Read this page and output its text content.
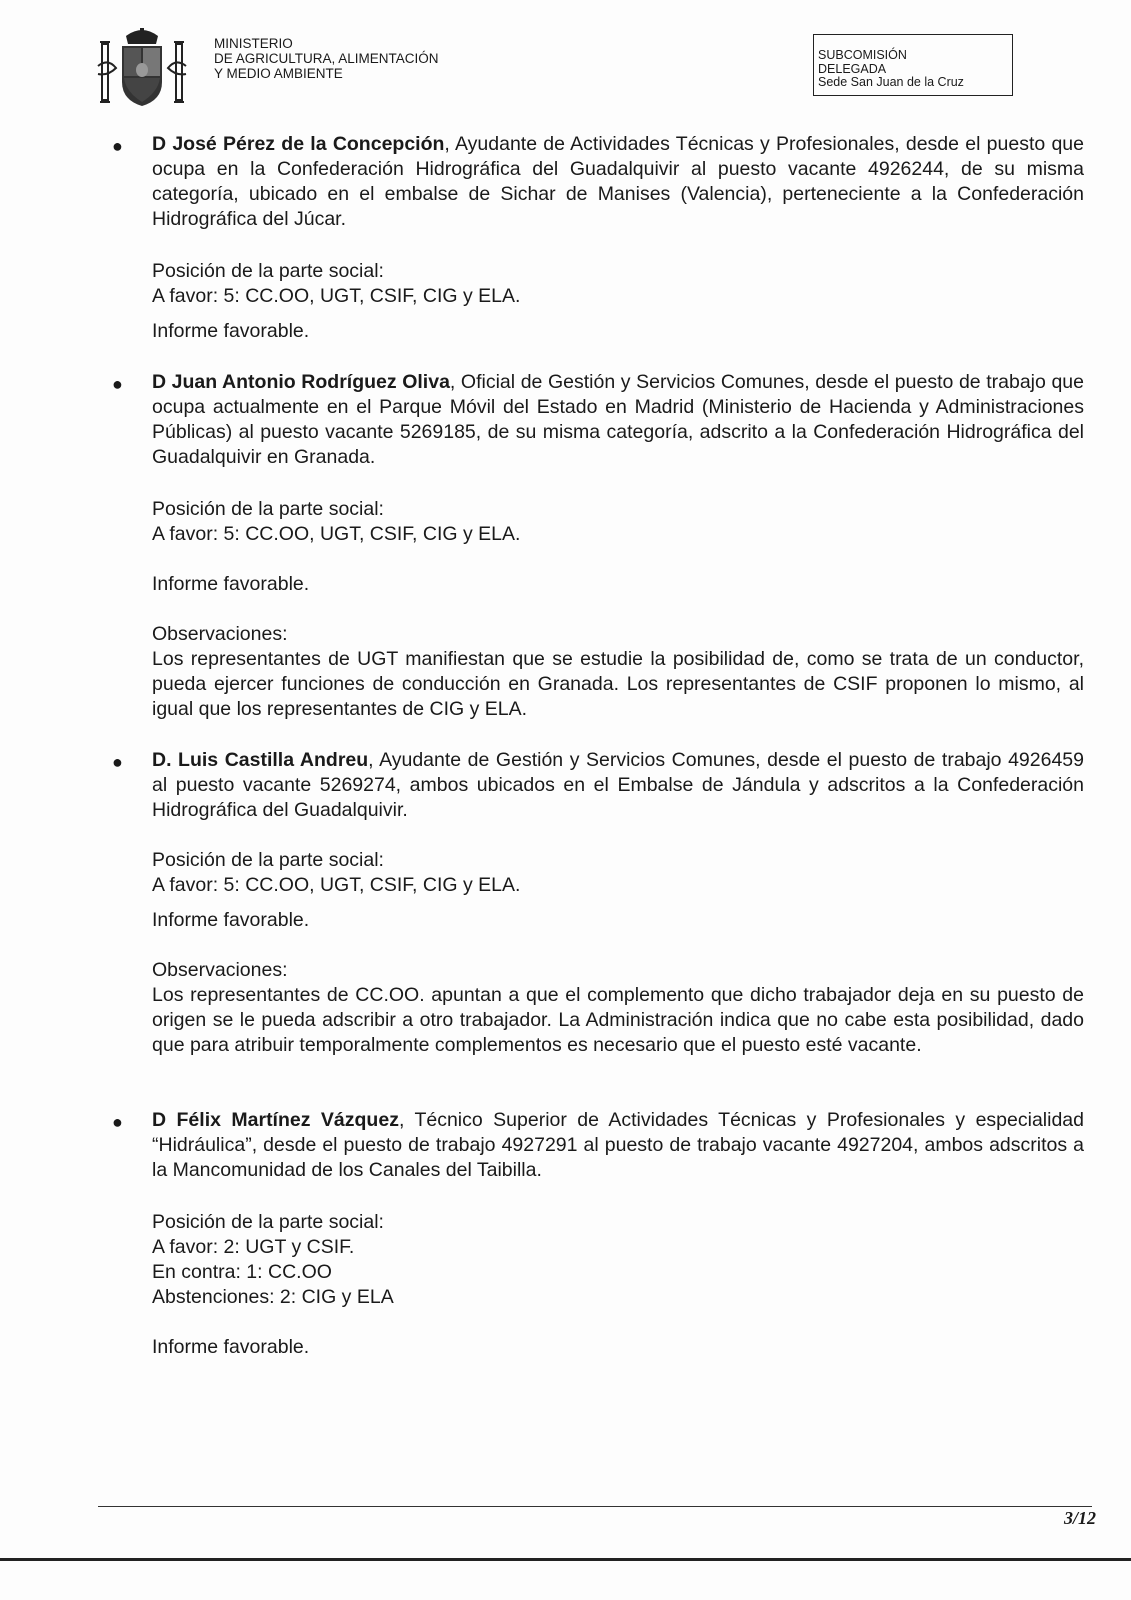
MINISTERIO
DE AGRICULTURA, ALIMENTACIÓN
Y MEDIO AMBIENTE
SUBCOMISIÓN
DELEGADA
Sede San Juan de la Cruz
● D José Pérez de la Concepción, Ayudante de Actividades Técnicas y Profesionales, desde el puesto que ocupa en la Confederación Hidrográfica del Guadalquivir al puesto vacante 4926244, de su misma categoría, ubicado en el embalse de Sichar de Manises (Valencia), perteneciente a la Confederación Hidrográfica del Júcar.

Posición de la parte social:
A favor: 5: CC.OO, UGT, CSIF, CIG y ELA.
Informe favorable.
● D Juan Antonio Rodríguez Oliva, Oficial de Gestión y Servicios Comunes, desde el puesto de trabajo que ocupa actualmente en el Parque Móvil del Estado en Madrid (Ministerio de Hacienda y Administraciones Públicas) al puesto vacante 5269185, de su misma categoría, adscrito a la Confederación Hidrográfica del Guadalquivir en Granada.

Posición de la parte social:
A favor: 5: CC.OO, UGT, CSIF, CIG y ELA.
Informe favorable.
Observaciones:

Los representantes de UGT manifiestan que se estudie la posibilidad de, como se trata de un conductor, pueda ejercer funciones de conducción en Granada. Los representantes de CSIF proponen lo mismo, al igual que los representantes de CIG y ELA.

● D. Luis Castilla Andreu, Ayudante de Gestión y Servicios Comunes, desde el puesto de trabajo 4926459 al puesto vacante 5269274, ambos ubicados en el Embalse de Jándula y adscritos a la Confederación Hidrográfica del Guadalquivir.

Posición de la parte social:
A favor: 5: CC.OO, UGT, CSIF, CIG y ELA.
Informe favorable.
Observaciones:

Los representantes de CC.OO. apuntan a que el complemento que dicho trabajador deja en su puesto de origen se le pueda adscribir a otro trabajador. La Administración indica que no cabe esta posibilidad, dado que para atribuir temporalmente complementos es necesario que el puesto esté vacante.

● D Félix Martínez Vázquez, Técnico Superior de Actividades Técnicas y Profesionales y especialidad “Hidráulica”, desde el puesto de trabajo 4927291 al puesto de trabajo vacante 4927204, ambos adscritos a la Mancomunidad de los Canales del Taibilla.

Posición de la parte social:
A favor: 2: UGT y CSIF.
En contra: 1: CC.OO
Abstenciones: 2: CIG y ELA
Informe favorable.
3/12
